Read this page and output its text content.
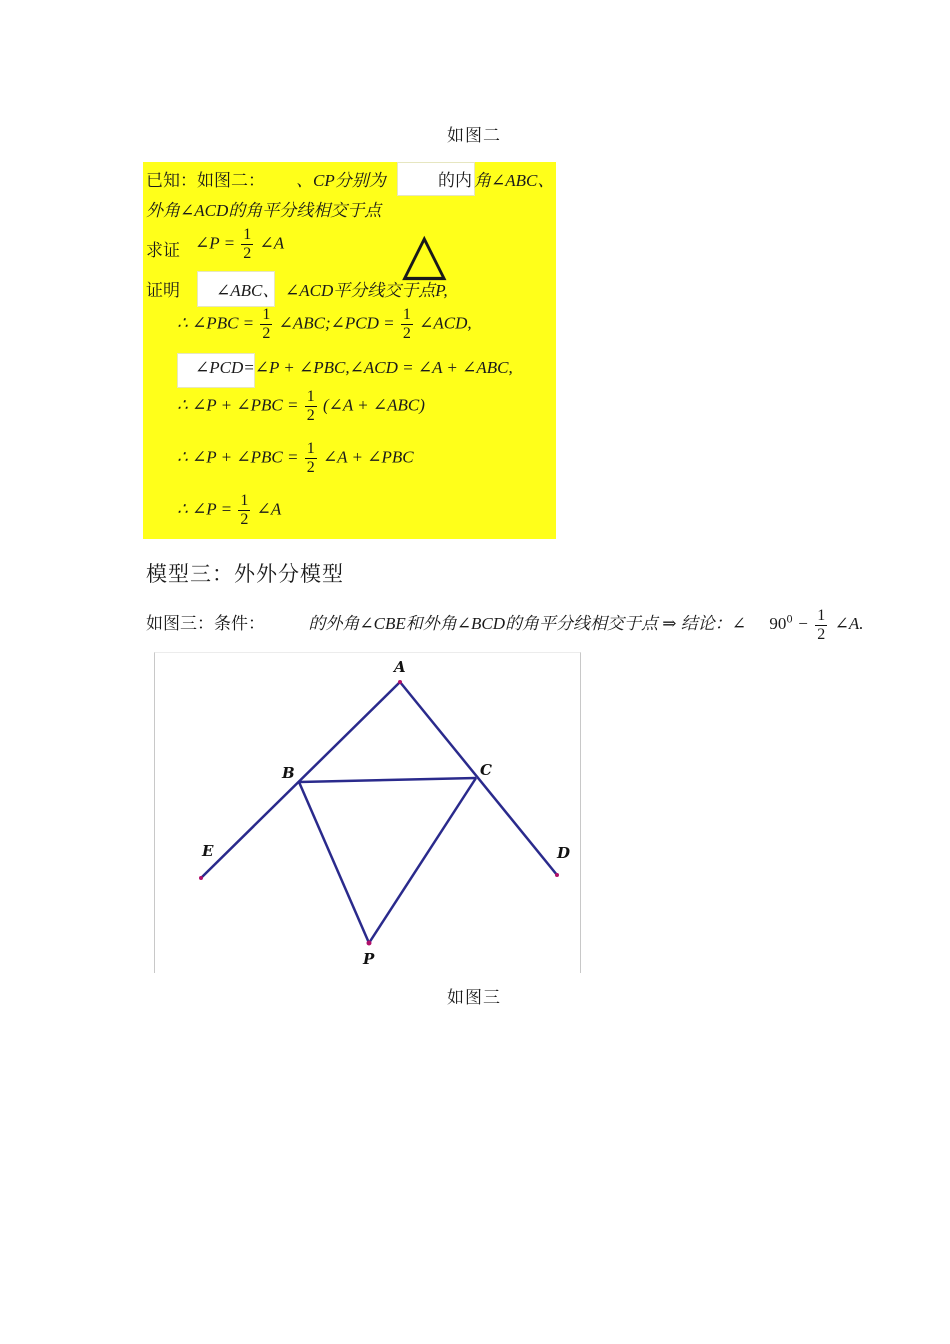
如图二
已知：如图二： 、CP分别为	的内 角∠ABC、
外角∠ACD的角平分线相交于点
求证 ∠P = $\frac{1}{2}$ ∠A △
证明 ∠ABC、 ∠ACD平分线交于点P,
∴ ∠PBC = $\frac{1}{2}$ ∠ABC;∠PCD = $\frac{1}{2}$ ∠ACD,
∠PCD=∠P + ∠PBC,∠ACD = ∠A + ∠ABC,
∴ ∠P + ∠PBC = $\frac{1}{2}$ (∠A + ∠ABC)
∴ ∠P + ∠PBC = $\frac{1}{2}$ ∠A + ∠PBC
∴ ∠P = $\frac{1}{2}$ ∠A
模型三：外外分模型
如图三：条件：	的外角∠CBE和外角∠BCD的角平分线相交于点 ⇒ 结论：∠ $90^0 - \frac{1}{2}$ ∠A.
A
B	C
D
E
P
如图三
